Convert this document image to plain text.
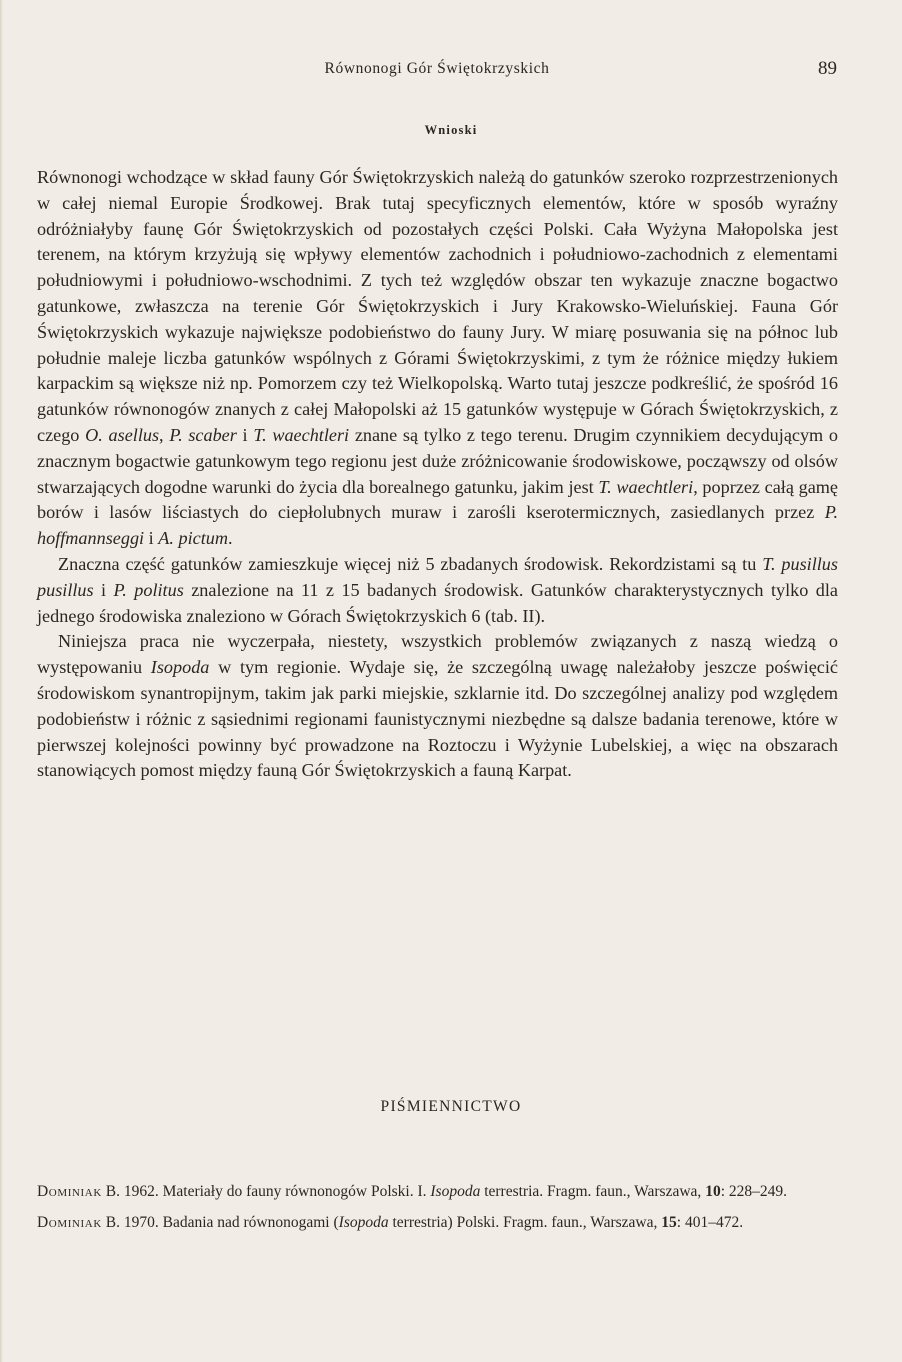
Równonogi Gór Świętokrzyskich	89
Wnioski

Równonogi wchodzące w skład fauny Gór Świętokrzyskich należą do gatunków szeroko rozprzestrzenionych w całej niemal Europie Środkowej. Brak tutaj specyficznych elementów, które w sposób wyraźny odróżniałyby faunę Gór Świętokrzyskich od pozostałych części Polski. Cała Wyżyna Małopolska jest terenem, na którym krzyżują się wpływy elementów zachodnich i południowo-zachodnich z elementami południowymi i południowo-wschodnimi. Z tych też względów obszar ten wykazuje znaczne bogactwo gatunkowe, zwłaszcza na terenie Gór Świętokrzyskich i Jury Krakowsko-Wieluńskiej. Fauna Gór Świętokrzyskich wykazuje największe podobieństwo do fauny Jury. W miarę posuwania się na północ lub południe maleje liczba gatunków wspólnych z Górami Świętokrzyskimi, z tym że różnice między łukiem karpackim są większe niż np. Pomorzem czy też Wielkopolską. Warto tutaj jeszcze podkreślić, że spośród 16 gatunków równonogów znanych z całej Małopolski aż 15 gatunków występuje w Górach Świętokrzyskich, z czego O. asellus, P. scaber i T. waechtleri znane są tylko z tego terenu. Drugim czynnikiem decydującym o znacznym bogactwie gatunkowym tego regionu jest duże zróżnicowanie środowiskowe, począwszy od olsów stwarzających dogodne warunki do życia dla borealnego gatunku, jakim jest T. waechtleri, poprzez całą gamę borów i lasów liściastych do ciepłolubnych muraw i zarośli kserotermicznych, zasiedlanych przez P. hoffmannseggi i A. pictum.

Znaczna część gatunków zamieszkuje więcej niż 5 zbadanych środowisk. Rekordzistami są tu T. pusillus pusillus i P. politus znalezione na 11 z 15 badanych środowisk. Gatunków charakterystycznych tylko dla jednego środowiska znaleziono w Górach Świętokrzyskich 6 (tab. II).

Niniejsza praca nie wyczerpała, niestety, wszystkich problemów związanych z naszą wiedzą o występowaniu Isopoda w tym regionie. Wydaje się, że szczególną uwagę należałoby jeszcze poświęcić środowiskom synantropijnym, takim jak parki miejskie, szklarnie itd. Do szczególnej analizy pod względem podobieństw i różnic z sąsiednimi regionami faunistycznymi niezbędne są dalsze badania terenowe, które w pierwszej kolejności powinny być prowadzone na Roztoczu i Wyżynie Lubelskiej, a więc na obszarach stanowiących pomost między fauną Gór Świętokrzyskich a fauną Karpat.

PIŚMIENNICTWO

Dominiak B. 1962. Materiały do fauny równonogów Polski. I. Isopoda terrestria. Fragm. faun., Warszawa, 10: 228–249.

Dominiak B. 1970. Badania nad równonogami (Isopoda terrestria) Polski. Fragm. faun., Warszawa, 15: 401–472.
